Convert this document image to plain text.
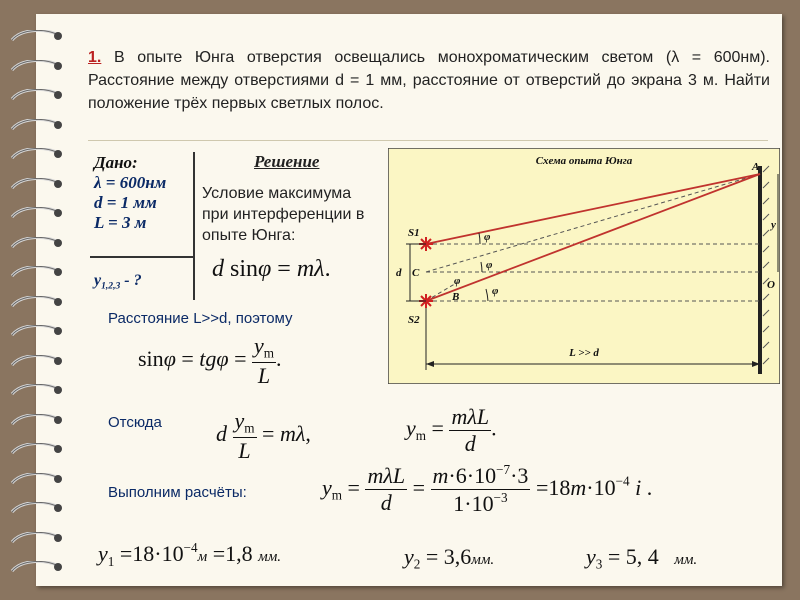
1. В опыте Юнга отверстия освещались монохроматическим светом (λ = 600нм). Расстояние между отверстиями d = 1 мм, расстояние от отверстий до экрана 3 м. Найти положение трёх первых светлых полос.
Дано:
λ = 600нм
d = 1 мм
L = 3 м
$y_{1,2,3}$ - ?
Решение
Условие максимума при интерференции в опыте Юнга:
d sinφ = mλ.
Расстояние L>>d, поэтому
$\sin\varphi = tg\varphi = \frac{y_m}{L}$ .
Отсюда d $\frac{y_m}{L} = m\lambda$,	$y_m = \frac{\text{mλL}}{d}$ .
Выполним расчёты:	$y_m = \frac{\text{mλL}}{d} = \frac{m\cdot 6\cdot 10^{-7}\cdot 3}{1\cdot 10^{-3}} =18m\cdot 10^{-4}$ і .
$y_1 =18\cdot 10^{-4}м =1,8$ мм.	$y_2 = 3,6мм$.	$y_3 = 5$, 4 мм.
Схема опыта Юнга	A
y
O
S1
S2
C
d
B
L >> d
φ
φ
φ
φ
